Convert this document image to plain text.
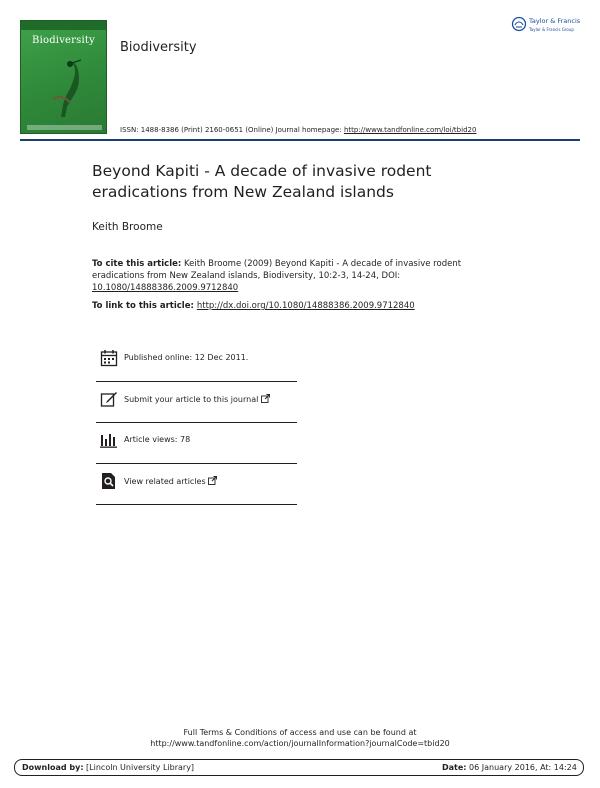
Biodiversity	Biodiversity
Taylor & Francis
Taylor & Francis Group
ISSN: 1488-8386 (Print) 2160-0651 (Online) Journal homepage: http://www.tandfonline.com/loi/tbid20
Beyond Kapiti - A decade of invasive rodent eradications from New Zealand islands
Keith Broome
To cite this article: Keith Broome (2009) Beyond Kapiti - A decade of invasive rodent eradications from New Zealand islands, Biodiversity, 10:2-3, 14-24, DOI: 10.1080/14888386.2009.9712840
To link to this article: http://dx.doi.org/10.1080/14888386.2009.9712840
Published online: 12 Dec 2011.
Submit your article to this journal
Article views: 78
View related articles
Full Terms & Conditions of access and use can be found at
http://www.tandfonline.com/action/journalInformation?journalCode=tbid20
Download by: [Lincoln University Library]	Date: 06 January 2016, At: 14:24
